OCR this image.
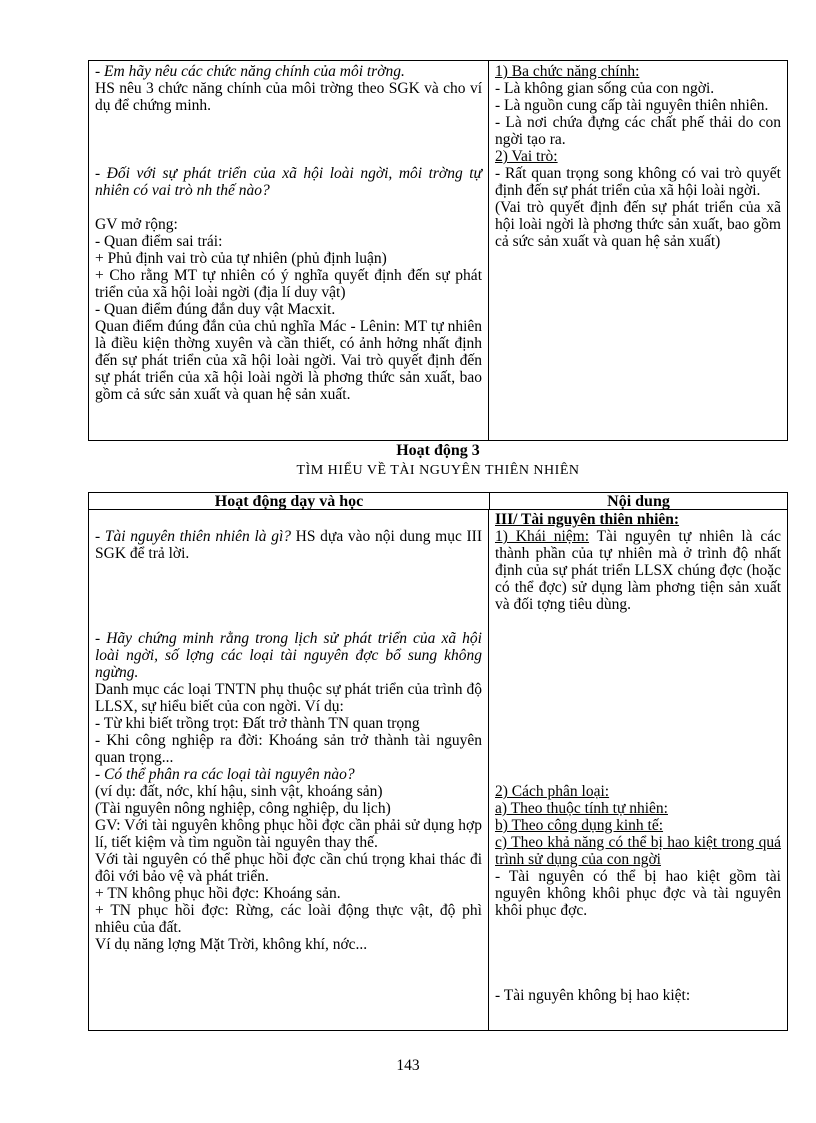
- Em hãy nêu các chức năng chính của môi trờng.

HS nêu 3 chức năng chính của môi trờng theo SGK và cho ví dụ để chứng minh.

- Đối với sự phát triển của xã hội loài ngời, môi trờng tự nhiên có vai trò nh thế nào?

GV mở rộng:

- Quan điểm sai trái:

+ Phủ định vai trò của tự nhiên (phủ định luận)

+ Cho rằng MT tự nhiên có ý nghĩa quyết định đến sự phát triển của xã hội loài ngời (địa lí duy vật)

- Quan điểm đúng đắn duy vật Macxit.

Quan điểm đúng đắn của chủ nghĩa Mác - Lênin: MT tự nhiên là điều kiện thờng xuyên và cần thiết, có ảnh hởng nhất định đến sự phát triển của xã hội loài ngời. Vai trò quyết định đến sự phát triển của xã hội loài ngời là phơng thức sản xuất, bao gồm cả sức sản xuất và quan hệ sản xuất.

1) Ba chức năng chính:

- Là không gian sống của con ngời.

- Là nguồn cung cấp tài nguyên thiên nhiên.

- Là nơi chứa đựng các chất phế thải do con ngời tạo ra.

2) Vai trò:

- Rất quan trọng song không có vai trò quyết định đến sự phát triển của xã hội loài ngời.

(Vai trò quyết định đến sự phát triển của xã hội loài ngời là phơng thức sản xuất, bao gồm cả sức sản xuất và quan hệ sản xuất)

Hoạt động 3

TÌM HIỂU VỀ TÀI NGUYÊN THIÊN NHIÊN

Hoạt động dạy và học	Nội dung

- Tài nguyên thiên nhiên là gì? HS dựa vào nội dung mục III SGK để trả lời.

- Hãy chứng minh rằng trong lịch sử phát triển của xã hội loài ngời, số lợng các loại tài nguyên đợc bổ sung không ngừng.

Danh mục các loại TNTN phụ thuộc sự phát triển của trình độ LLSX, sự hiểu biết của con ngời. Ví dụ:

- Từ khi biết trồng trọt: Đất trở thành TN quan trọng

- Khi công nghiệp ra đời: Khoáng sản trở thành tài nguyên quan trọng...

- Có thể phân ra các loại tài nguyên nào?

(ví dụ: đất, nớc, khí hậu, sinh vật, khoáng sản)

(Tài nguyên nông nghiệp, công nghiệp, du lịch)

GV: Với tài nguyên không phục hồi đợc cần phải sử dụng hợp lí, tiết kiệm và tìm nguồn tài nguyên thay thế.

Với tài nguyên có thể phục hồi đợc cần chú trọng khai thác đi đôi với bảo vệ và phát triển.

+ TN không phục hồi đợc: Khoáng sản.

+ TN phục hồi đợc: Rừng, các loài động thực vật, độ phì nhiêu của đất.

Ví dụ năng lợng Mặt Trời, không khí, nớc...

III/ Tài nguyên thiên nhiên:

1) Khái niệm: Tài nguyên tự nhiên là các thành phần của tự nhiên mà ở trình độ nhất định của sự phát triển LLSX chúng đợc (hoặc có thể đợc) sử dụng làm phơng tiện sản xuất và đối tợng tiêu dùng.

2) Cách phân loại:

a) Theo thuộc tính tự nhiên:

b) Theo công dụng kinh tế:

c) Theo khả năng có thể bị hao kiệt trong quá trình sử dụng của con ngời

- Tài nguyên có thể bị hao kiệt gồm tài nguyên không khôi phục đợc và tài nguyên khôi phục đợc.

- Tài nguyên không bị hao kiệt:

143
